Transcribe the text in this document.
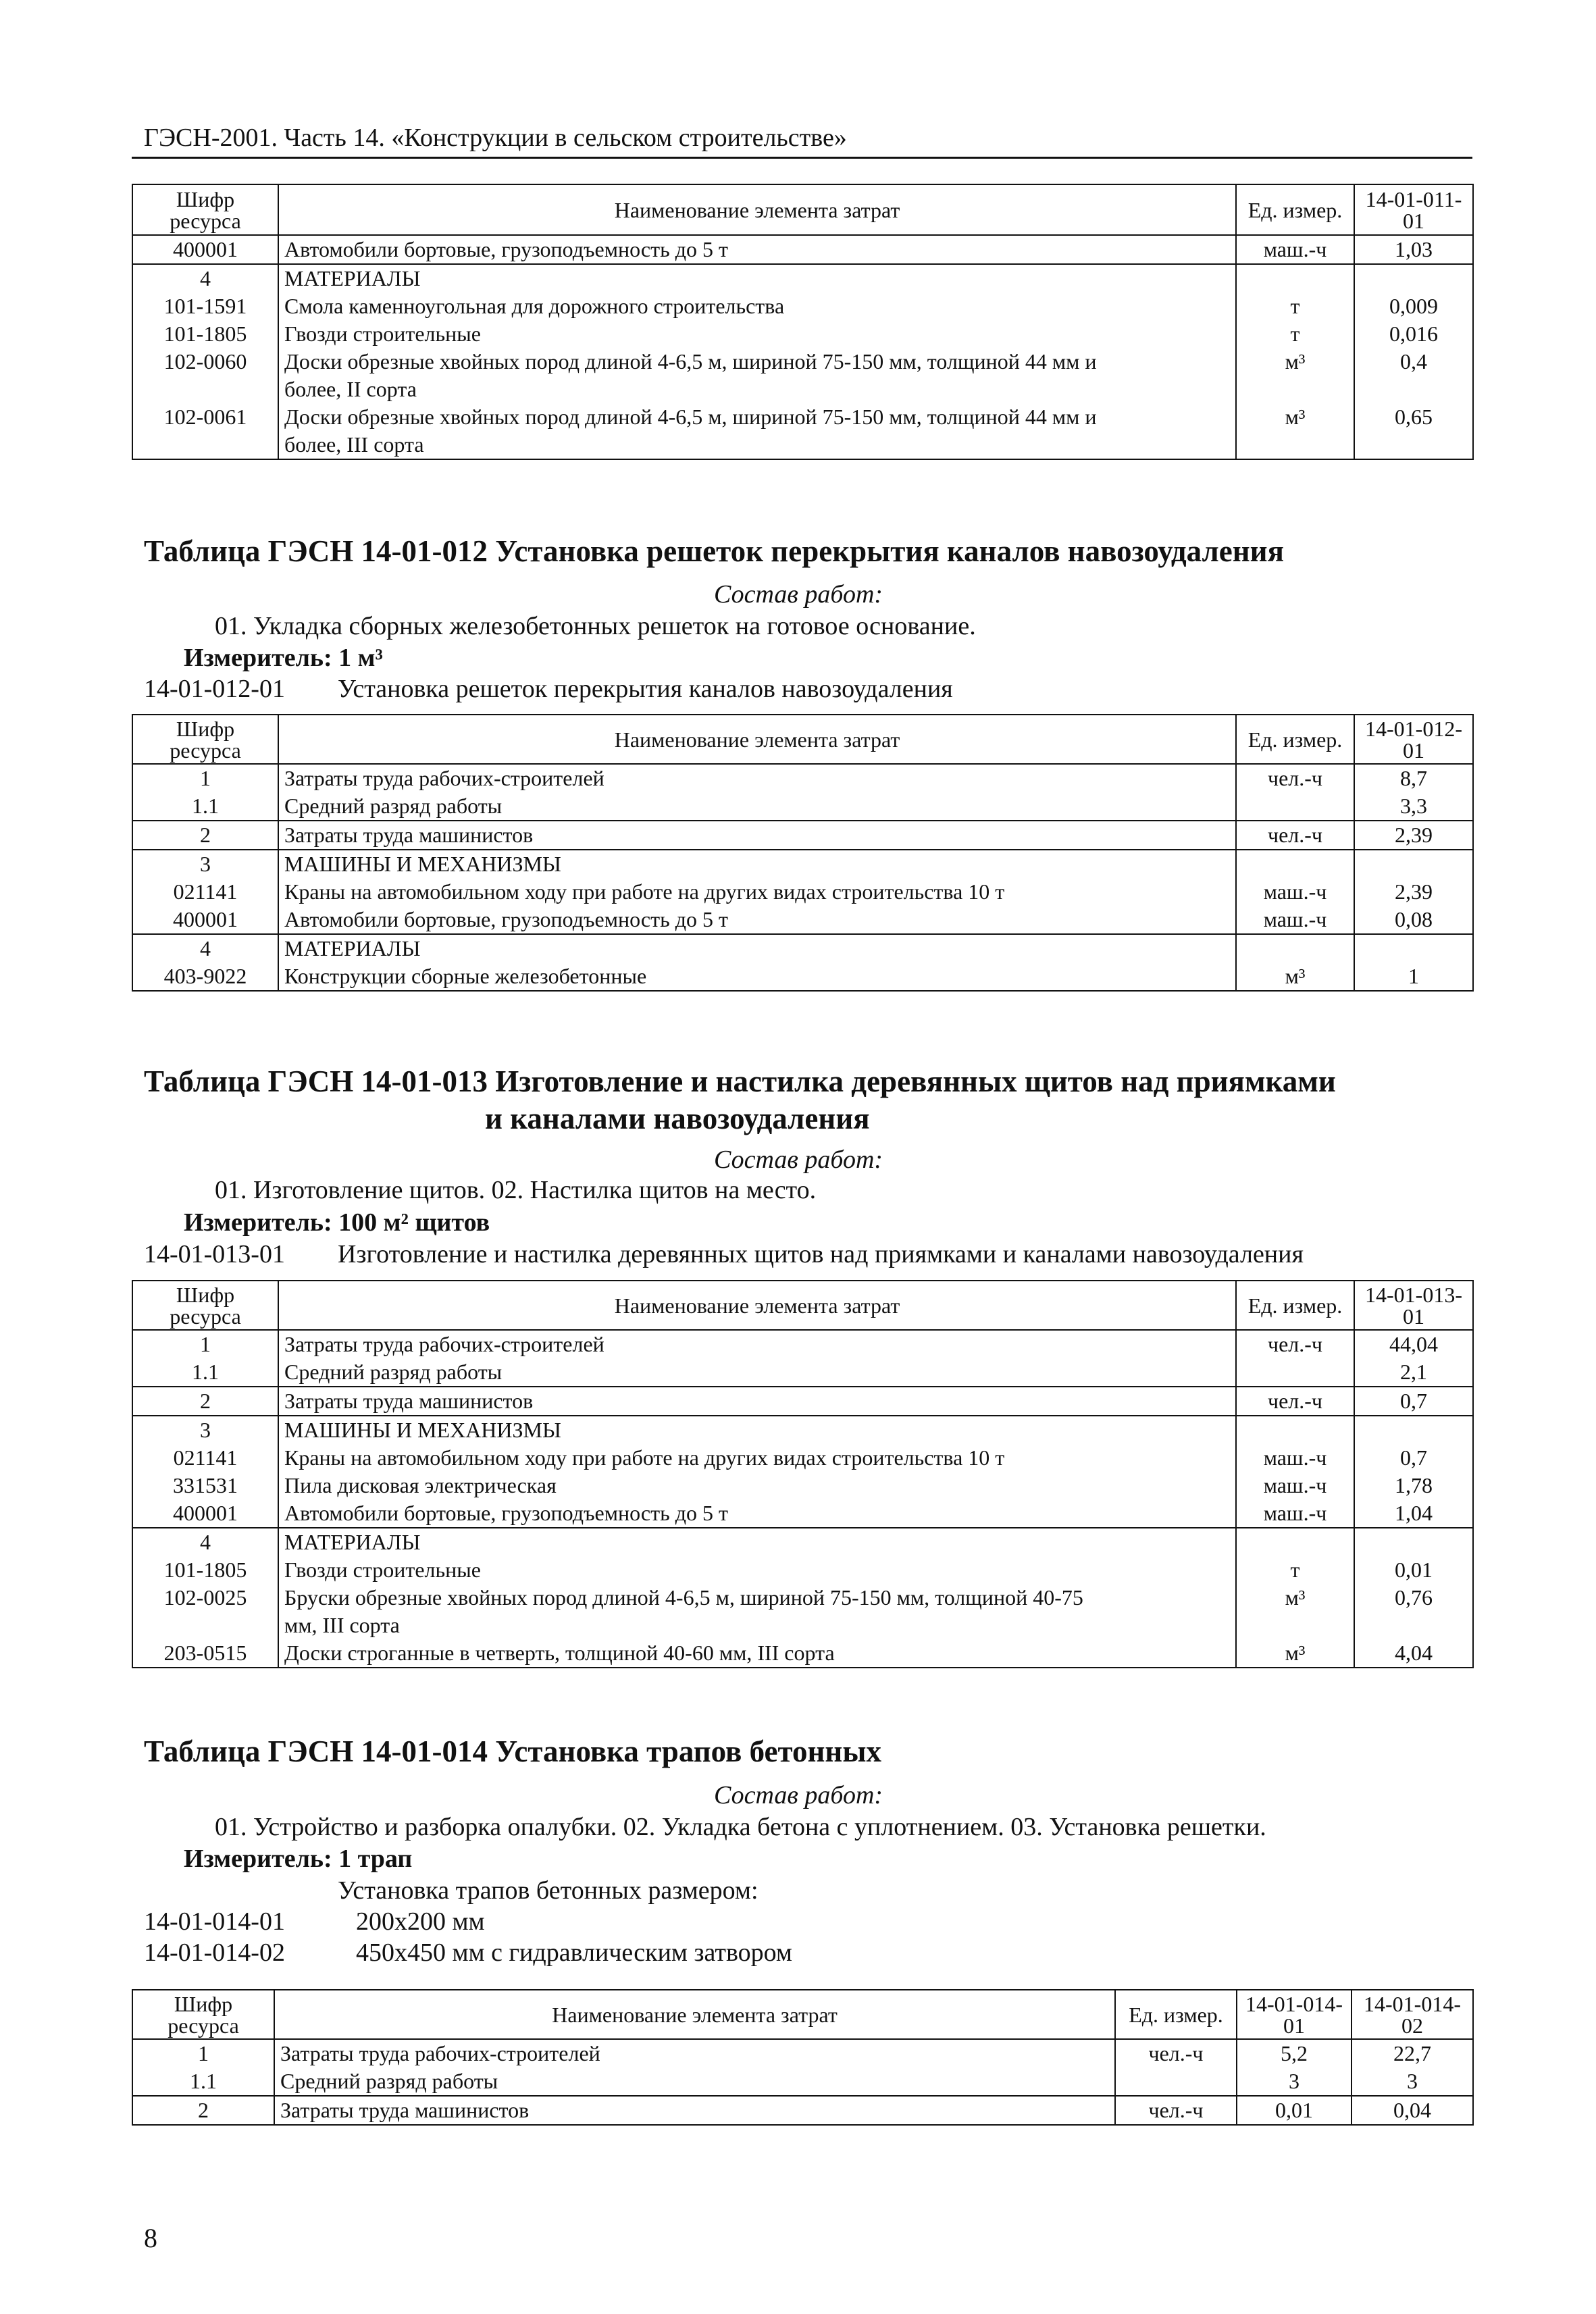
ГЭСН-2001. Часть 14. «Конструкции в сельском строительстве»
Шифр ресурса	Наименование элемента затрат	Ед. измер.	14-01-011-01
400001	Автомобили бортовые, грузоподъемность до 5 т	маш.-ч	1,03
4	МАТЕРИАЛЫ		
101-1591	Смола каменноугольная для дорожного строительства	т	0,009
101-1805	Гвозди строительные	т	0,016
102-0060	Доски обрезные хвойных пород длиной 4-6,5 м, шириной 75-150 мм, толщиной 44 мм и
более, II сорта	м³	0,4
102-0061	Доски обрезные хвойных пород длиной 4-6,5 м, шириной 75-150 мм, толщиной 44 мм и
более, III сорта	м³	0,65
Таблица ГЭСН 14-01-012 Установка решеток перекрытия каналов навозоудаления
Состав работ:
01. Укладка сборных железобетонных решеток на готовое основание.
Измеритель: 1 м³
14-01-012-01 Установка решеток перекрытия каналов навозоудаления
Шифр ресурса	Наименование элемента затрат	Ед. измер.	14-01-012-01
1	Затраты труда рабочих-строителей	чел.-ч	8,7
1.1	Средний разряд работы		3,3
2	Затраты труда машинистов	чел.-ч	2,39
3	МАШИНЫ И МЕХАНИЗМЫ		
021141	Краны на автомобильном ходу при работе на других видах строительства 10 т	маш.-ч	2,39
400001	Автомобили бортовые, грузоподъемность до 5 т	маш.-ч	0,08
4	МАТЕРИАЛЫ		
403-9022	Конструкции сборные железобетонные	м³	1
Таблица ГЭСН 14-01-013 Изготовление и настилка деревянных щитов над приямками
и каналами навозоудаления
Состав работ:
01. Изготовление щитов. 02. Настилка щитов на место.
Измеритель: 100 м² щитов
14-01-013-01 Изготовление и настилка деревянных щитов над приямками и каналами навозоудаления
Шифр ресурса	Наименование элемента затрат	Ед. измер.	14-01-013-01
1	Затраты труда рабочих-строителей	чел.-ч	44,04
1.1	Средний разряд работы		2,1
2	Затраты труда машинистов	чел.-ч	0,7
3	МАШИНЫ И МЕХАНИЗМЫ		
021141	Краны на автомобильном ходу при работе на других видах строительства 10 т	маш.-ч	0,7
331531	Пила дисковая электрическая	маш.-ч	1,78
400001	Автомобили бортовые, грузоподъемность до 5 т	маш.-ч	1,04
4	МАТЕРИАЛЫ		
101-1805	Гвозди строительные	т	0,01
102-0025	Бруски обрезные хвойных пород длиной 4-6,5 м, шириной 75-150 мм, толщиной 40-75
мм, III сорта	м³	0,76
203-0515	Доски строганные в четверть, толщиной 40-60 мм, III сорта	м³	4,04
Таблица ГЭСН 14-01-014 Установка трапов бетонных
Состав работ:
01. Устройство и разборка опалубки. 02. Укладка бетона с уплотнением. 03. Установка решетки.
Измеритель: 1 трап
Установка трапов бетонных размером:
14-01-014-01	200x200 мм
14-01-014-02	450x450 мм с гидравлическим затвором
Шифр ресурса	Наименование элемента затрат	Ед. измер.	14-01-014-01	14-01-014-02
1	Затраты труда рабочих-строителей	чел.-ч	5,2	22,7
1.1	Средний разряд работы		3	3
2	Затраты труда машинистов	чел.-ч	0,01	0,04
8
